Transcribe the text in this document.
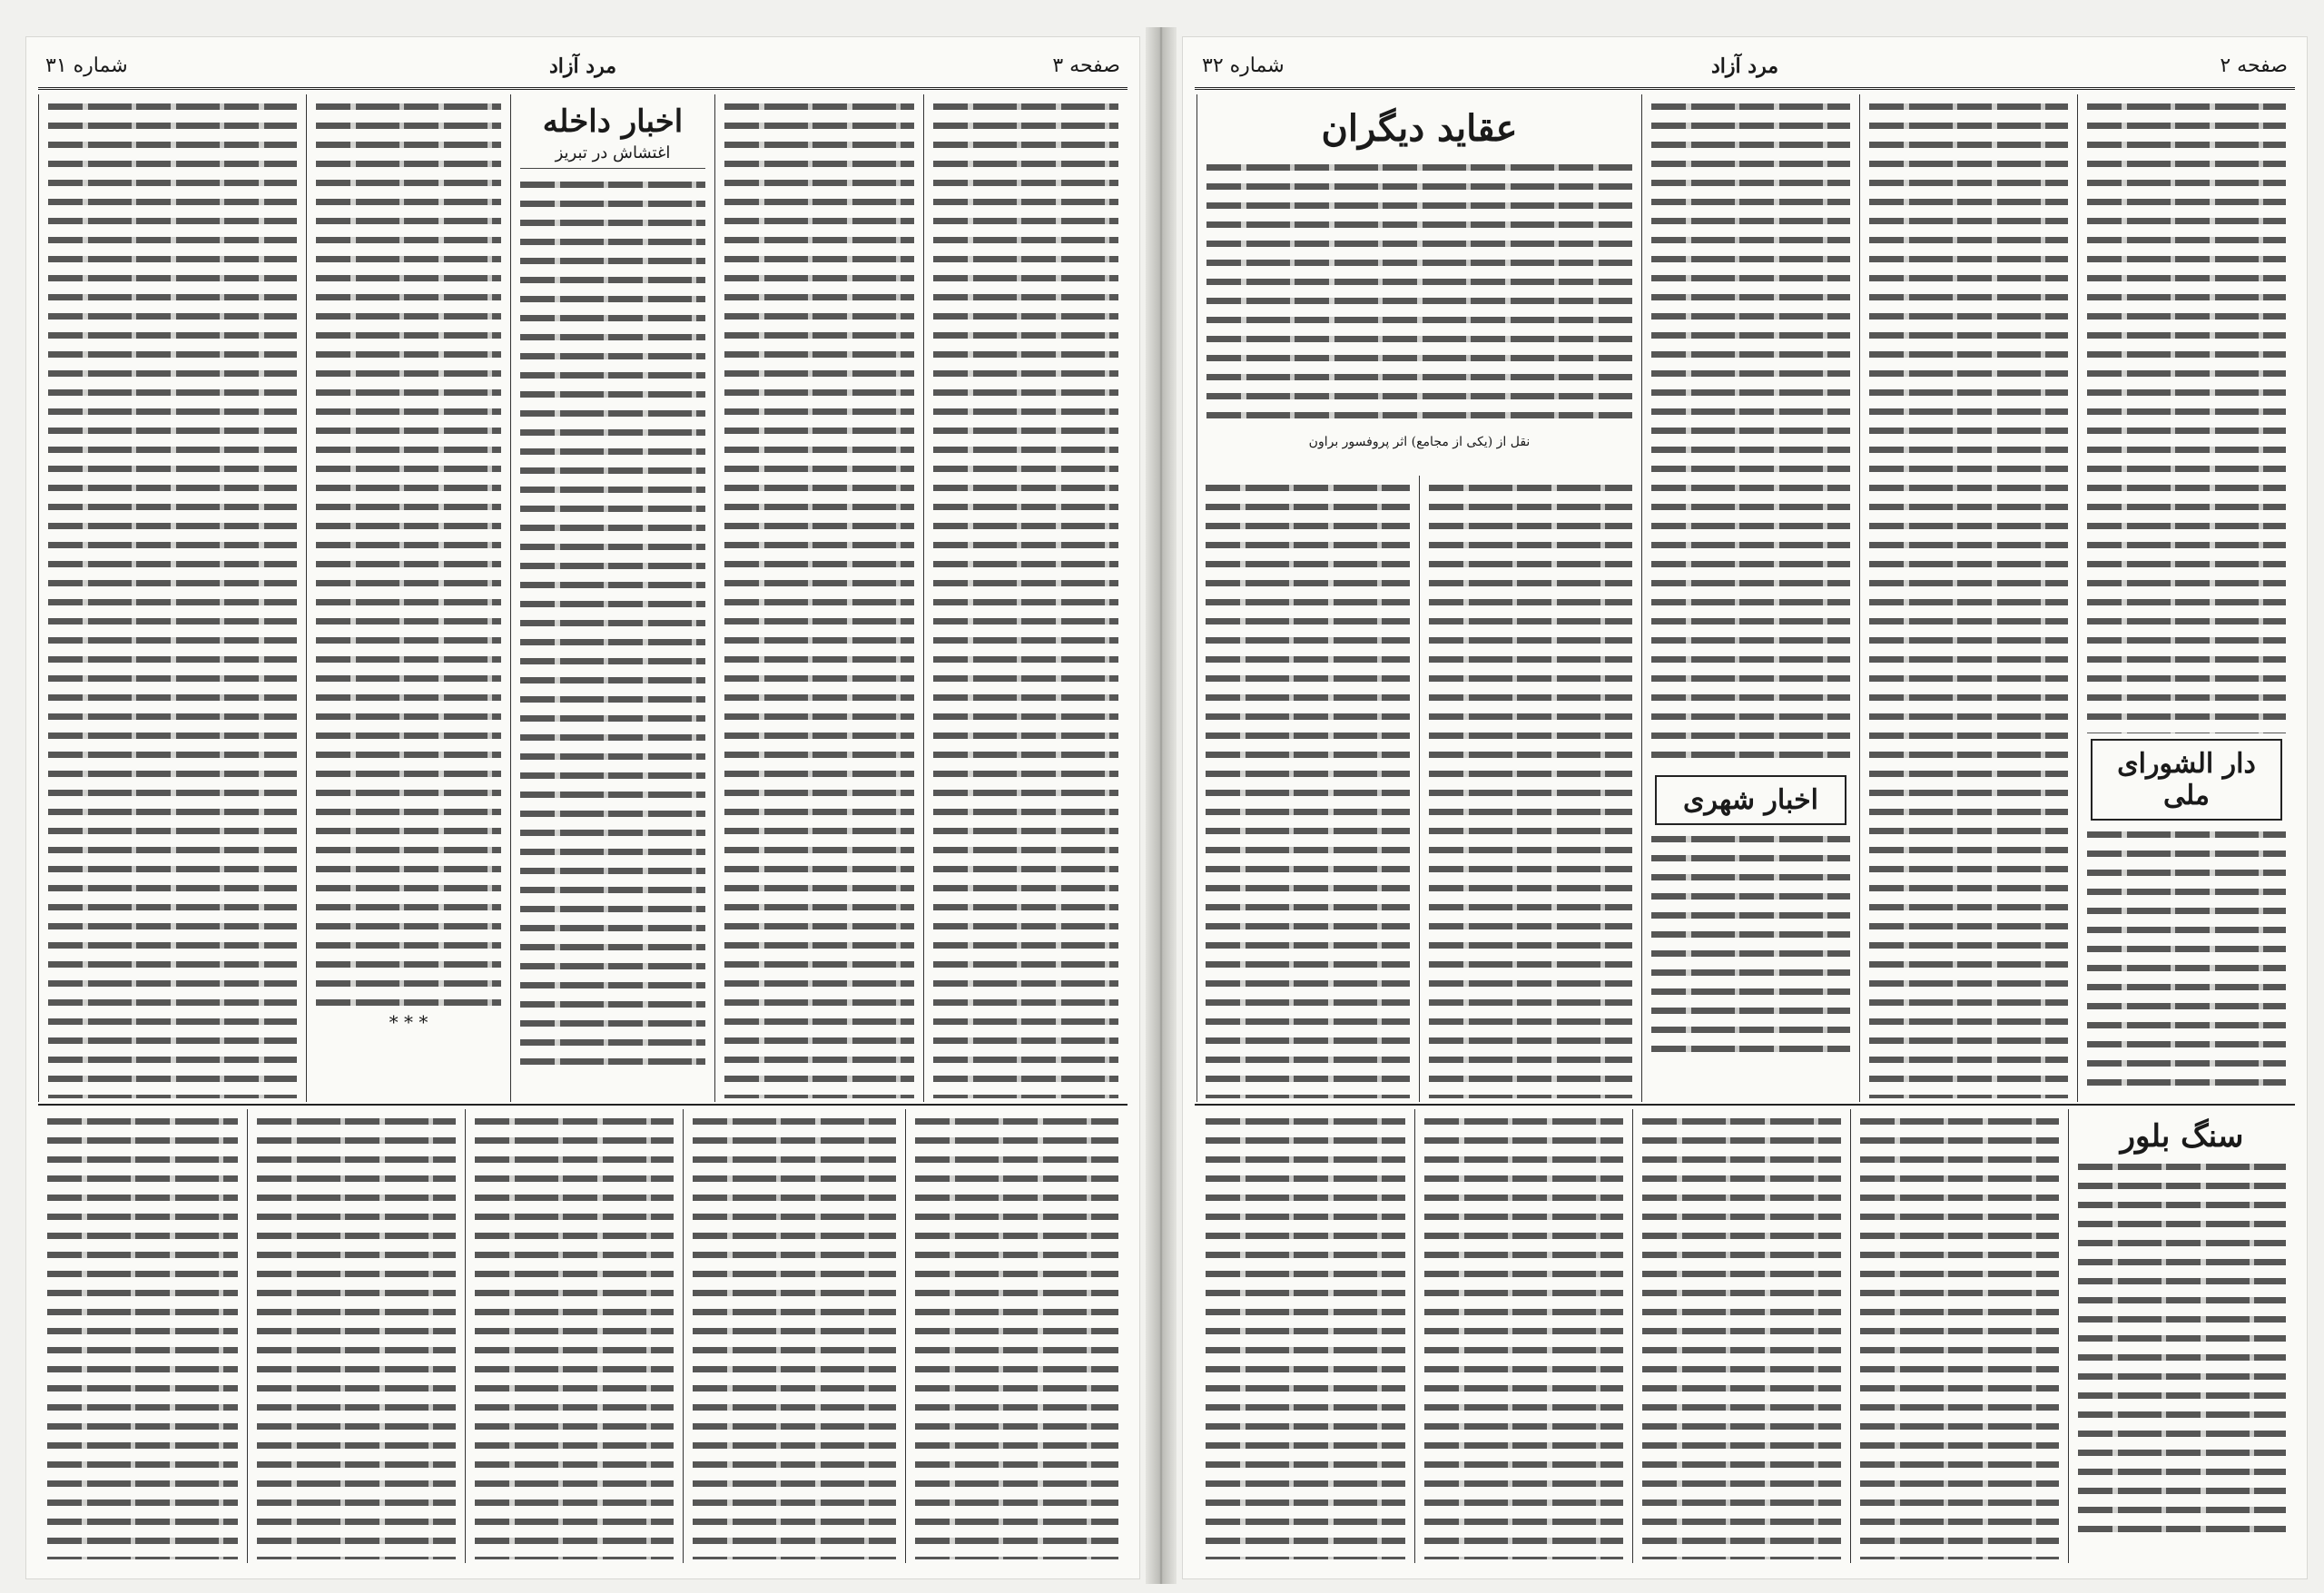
صفحه ۳
مرد آزاد
شماره ۳۱
اخبار داخله
اغتشاش در تبریز
* * *
صفحه ۲
مرد آزاد
شماره ۳۲
دار الشورای ملی
اخبار شهری
عقاید دیگران
نقل از (یکی از مجامع) اثر پروفسور براون
سنگ بلور
